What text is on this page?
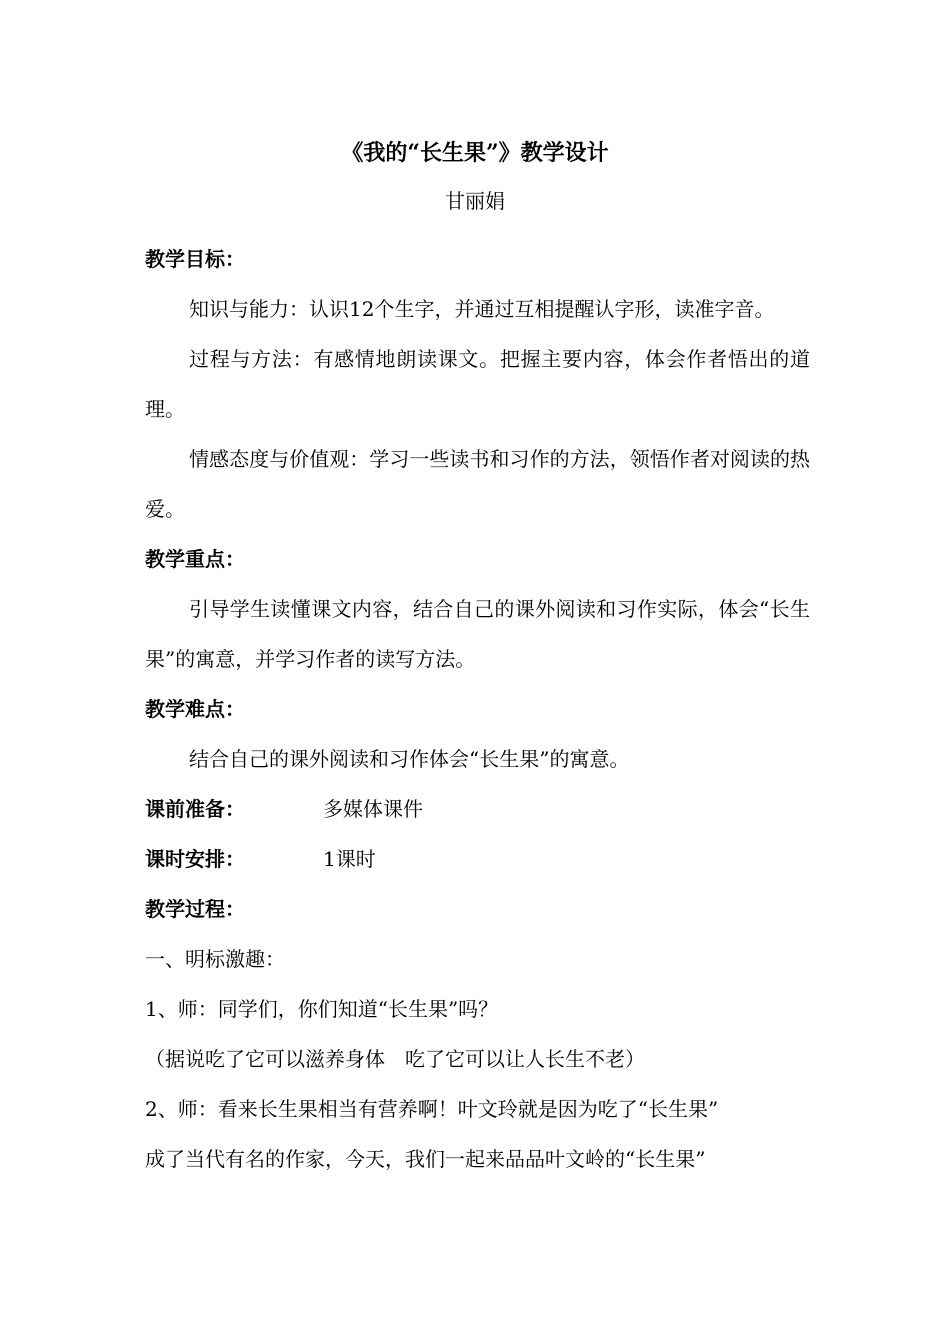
《我的“长生果”》教学设计
甘丽娟
教学目标：

知识与能力：认识12个生字，并通过互相提醒认字形，读准字音。

过程与方法：有感情地朗读课文。把握主要内容，体会作者悟出的道理。

情感态度与价值观：学习一些读书和习作的方法，领悟作者对阅读的热爱。

教学重点：

引导学生读懂课文内容，结合自己的课外阅读和习作实际，体会“长生果”的寓意，并学习作者的读写方法。

教学难点：

结合自己的课外阅读和习作体会“长生果”的寓意。

课前准备：	多媒体课件
课时安排：	1课时
教学过程：
一、明标激趣：
1、师：同学们，你们知道“长生果”吗？
（据说吃了它可以滋养身体　吃了它可以让人长生不老）
2、师：看来长生果相当有营养啊！叶文玲就是因为吃了“长生果”
成了当代有名的作家，今天，我们一起来品品叶文岭的“长生果”
